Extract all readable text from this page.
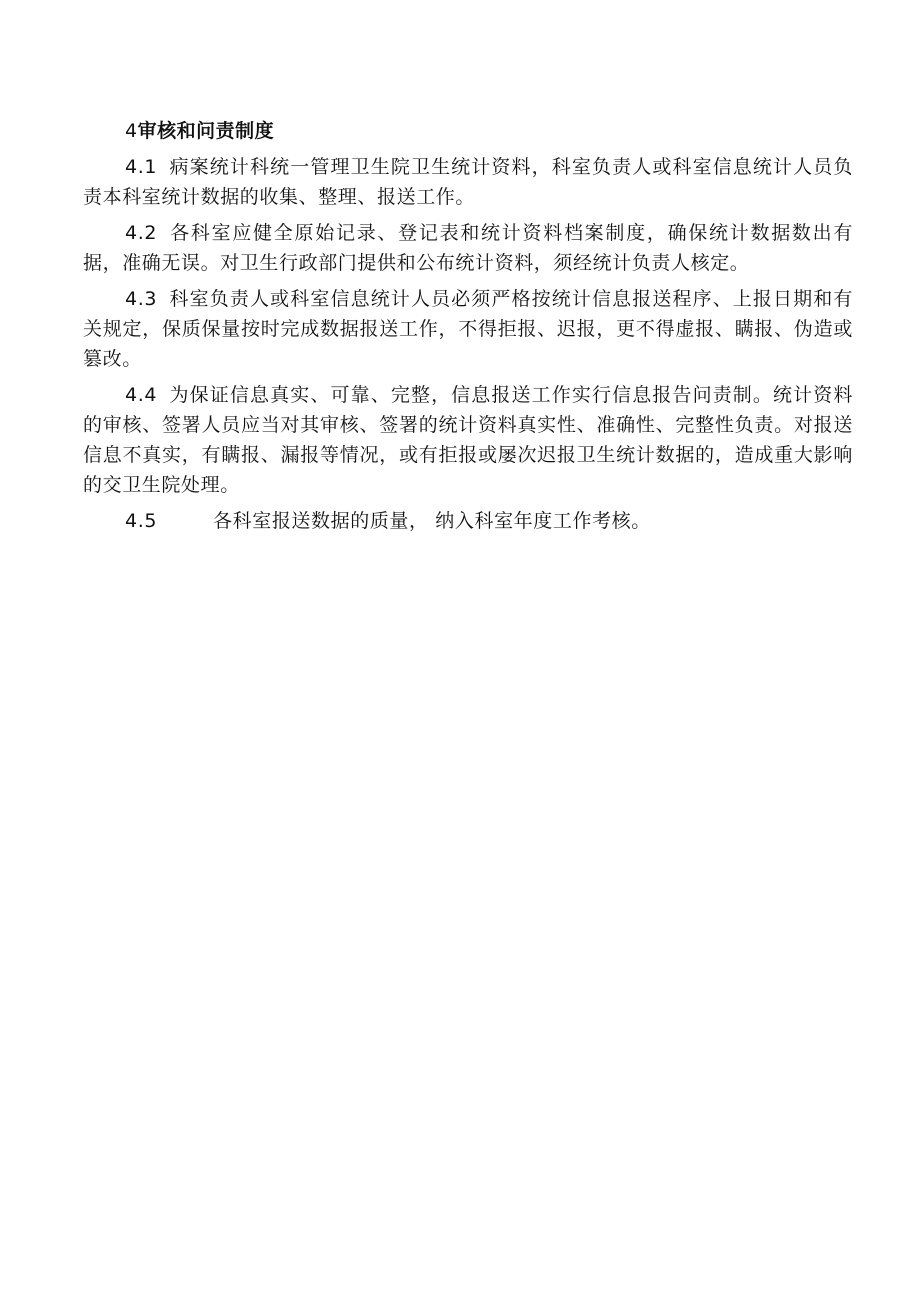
4审核和问责制度

4.1 病案统计科统一管理卫生院卫生统计资料，科室负责人或科室信息统计人员负责本科室统计数据的收集、整理、报送工作。

4.2 各科室应健全原始记录、登记表和统计资料档案制度，确保统计数据数出有据，准确无误。对卫生行政部门提供和公布统计资料，须经统计负责人核定。

4.3 科室负责人或科室信息统计人员必须严格按统计信息报送程序、上报日期和有关规定，保质保量按时完成数据报送工作，不得拒报、迟报，更不得虚报、瞒报、伪造或篡改。

4.4 为保证信息真实、可靠、完整，信息报送工作实行信息报告问责制。统计资料的审核、签署人员应当对其审核、签署的统计资料真实性、准确性、完整性负责。对报送信息不真实，有瞒报、漏报等情况，或有拒报或屡次迟报卫生统计数据的，造成重大影响的交卫生院处理。

4.5	各科室报送数据的质量， 纳入科室年度工作考核。
